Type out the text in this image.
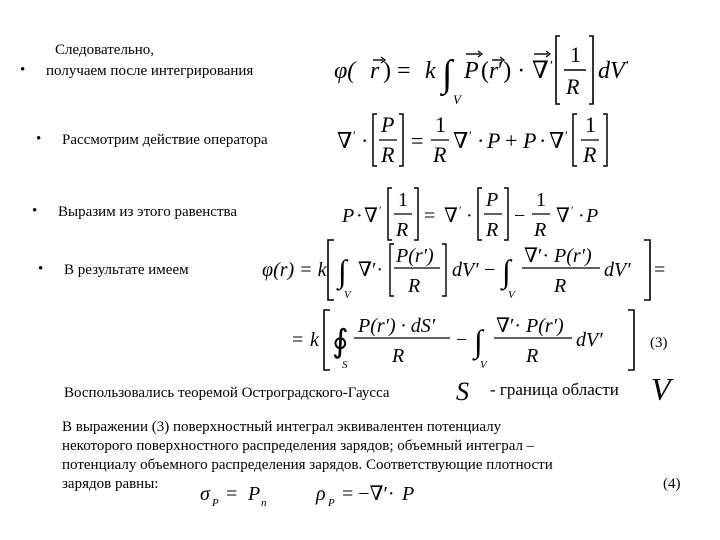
•
•
•
•
Следовательно,
получаем после интегрирования
Рассмотрим действие оператора
Выразим из этого равенства
В результате имеем
Воспользовались теоремой Остроградского-Гаусса	- граница области
S	V
(3)
(4)
В выражении (3) поверхностный интеграл эквивалентен потенциалу
некоторого поверхностного распределения зарядов; объемный интеграл –
потенциалу объемного распределения зарядов. Соответствующие плотности
зарядов равны:
φ( r ) = k ∫
V
P ( r ′) · ∇ ′ 1
R
dV ′
∇ ′ ·
P
R
=
1
R
∇ ′ · P + P · ∇ ′ 1
R
P · ∇ ′ 1
R
= ∇ ′ ·
P
R
−
1
R
∇ ′ · P
φ(r) = k ∫
V
∇′·
P(r′)
R
dV′ − ∫
V
∇′· P(r′)
R
dV′ =
= k ∮
S
P(r′) · dS′
R
− ∫
V
∇′· P(r′)
R
dV′
σ P = P n ρ P = −∇′· P
